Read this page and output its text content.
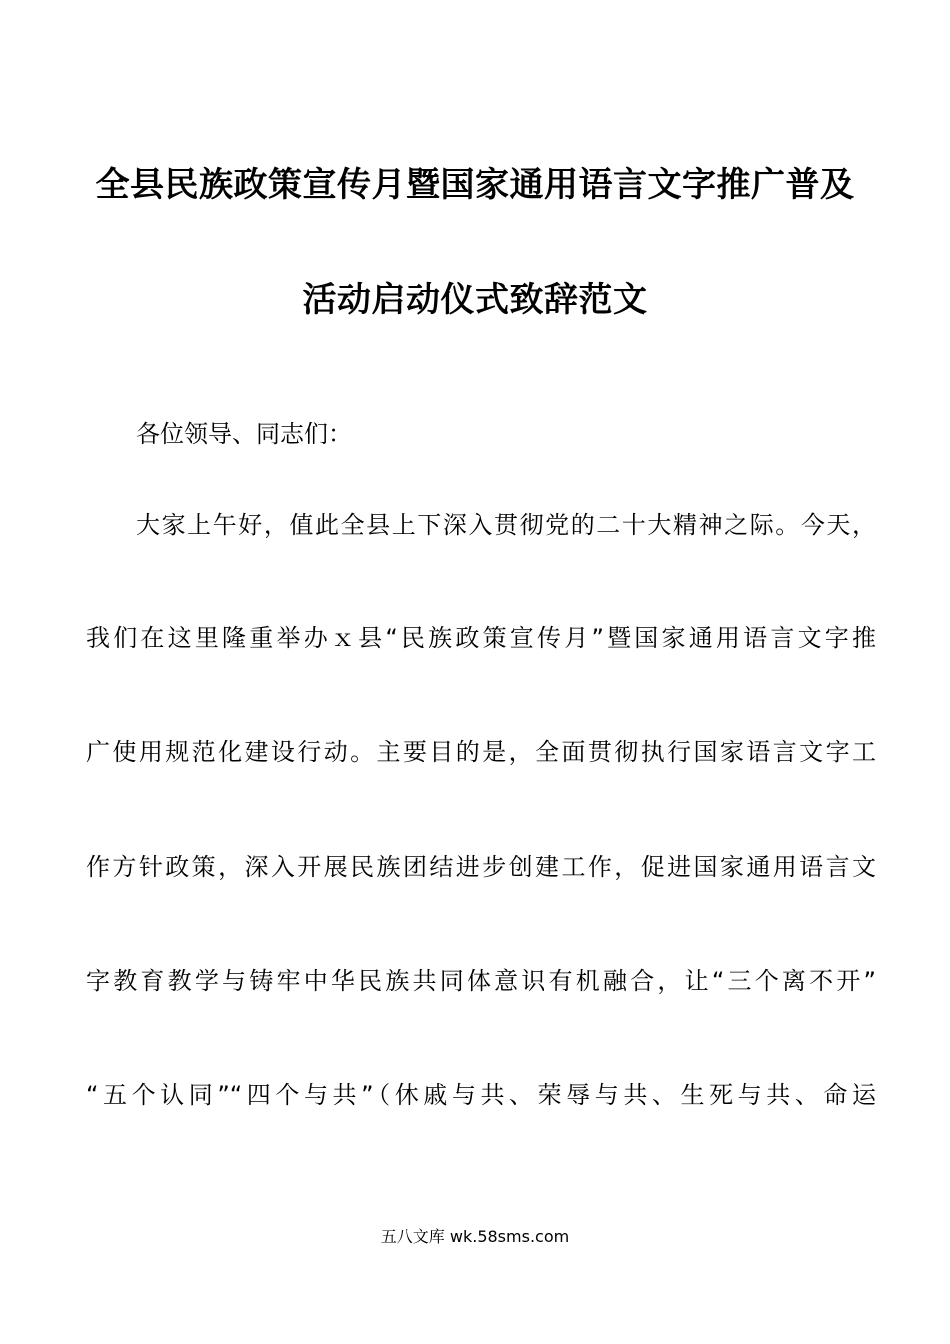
全县民族政策宣传月暨国家通用语言文字推广普及
活动启动仪式致辞范文
各位领导、同志们：
大家上午好，值此全县上下深入贯彻党的二十大精神之际。今天，
我们在这里隆重举办ｘ县“民族政策宣传月”暨国家通用语言文字推
广使用规范化建设行动。主要目的是，全面贯彻执行国家语言文字工
作方针政策，深入开展民族团结进步创建工作，促进国家通用语言文
字教育教学与铸牢中华民族共同体意识有机融合，让“三个离不开”
“五个认同”“四个与共”（休戚与共、荣辱与共、生死与共、命运
五八文库 wk.58sms.com
